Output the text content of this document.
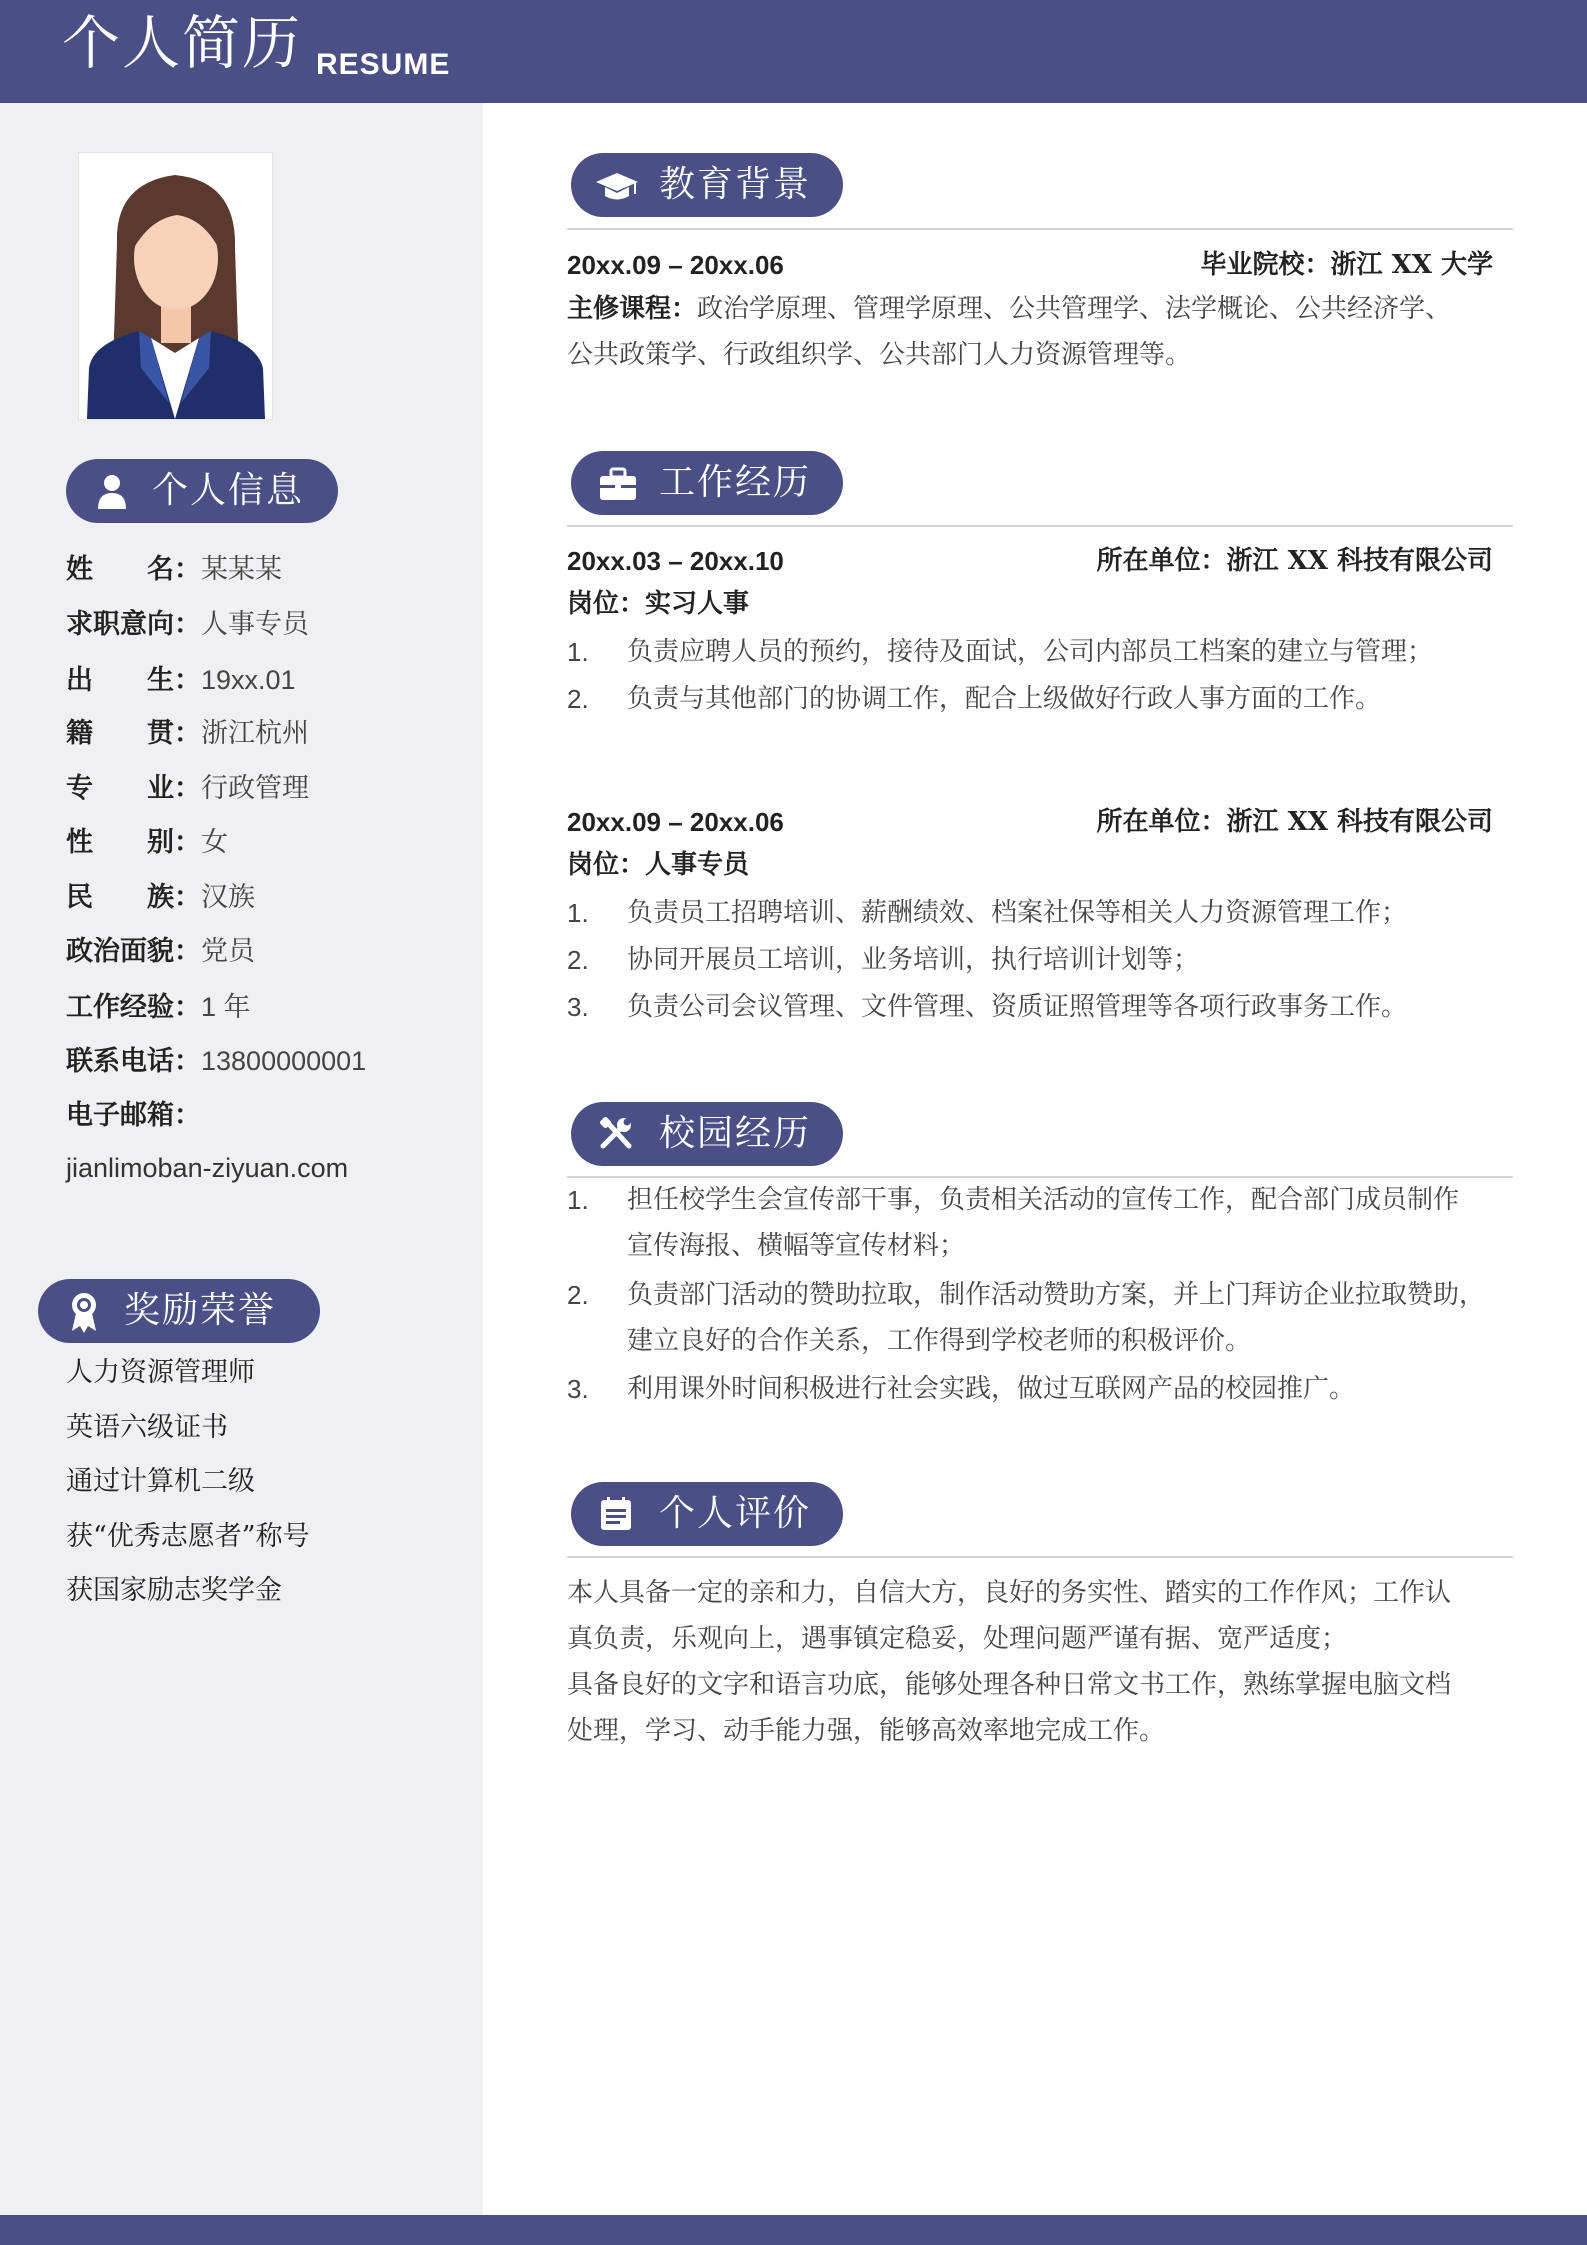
个人简历 RESUME
个人信息
姓　　名：某某某
求职意向：人事专员
出　　生：19xx.01
籍　　贯：浙江杭州
专　　业：行政管理
性　　别：女
民　　族：汉族
政治面貌：党员
工作经验：1 年
联系电话：13800000001
电子邮箱：
jianlimoban-ziyuan.com
奖励荣誉
人力资源管理师
英语六级证书
通过计算机二级
获“优秀志愿者”称号
获国家励志奖学金
教育背景
20xx.09 – 20xx.06	毕业院校：浙江 XX 大学
主修课程：政治学原理、管理学原理、公共管理学、法学概论、公共经济学、
公共政策学、行政组织学、公共部门人力资源管理等。
工作经历
20xx.03 – 20xx.10	所在单位：浙江 XX 科技有限公司
岗位：实习人事
1. 负责应聘人员的预约，接待及面试，公司内部员工档案的建立与管理；
2. 负责与其他部门的协调工作，配合上级做好行政人事方面的工作。
20xx.09 – 20xx.06	所在单位：浙江 XX 科技有限公司
岗位：人事专员
1. 负责员工招聘培训、薪酬绩效、档案社保等相关人力资源管理工作；
2. 协同开展员工培训，业务培训，执行培训计划等；
3. 负责公司会议管理、文件管理、资质证照管理等各项行政事务工作。
校园经历
1. 担任校学生会宣传部干事，负责相关活动的宣传工作，配合部门成员制作
宣传海报、横幅等宣传材料；
2. 负责部门活动的赞助拉取，制作活动赞助方案，并上门拜访企业拉取赞助，
建立良好的合作关系，工作得到学校老师的积极评价。
3. 利用课外时间积极进行社会实践，做过互联网产品的校园推广。
个人评价
本人具备一定的亲和力，自信大方，良好的务实性、踏实的工作作风；工作认
真负责，乐观向上，遇事镇定稳妥，处理问题严谨有据、宽严适度；
具备良好的文字和语言功底，能够处理各种日常文书工作，熟练掌握电脑文档
处理，学习、动手能力强，能够高效率地完成工作。
